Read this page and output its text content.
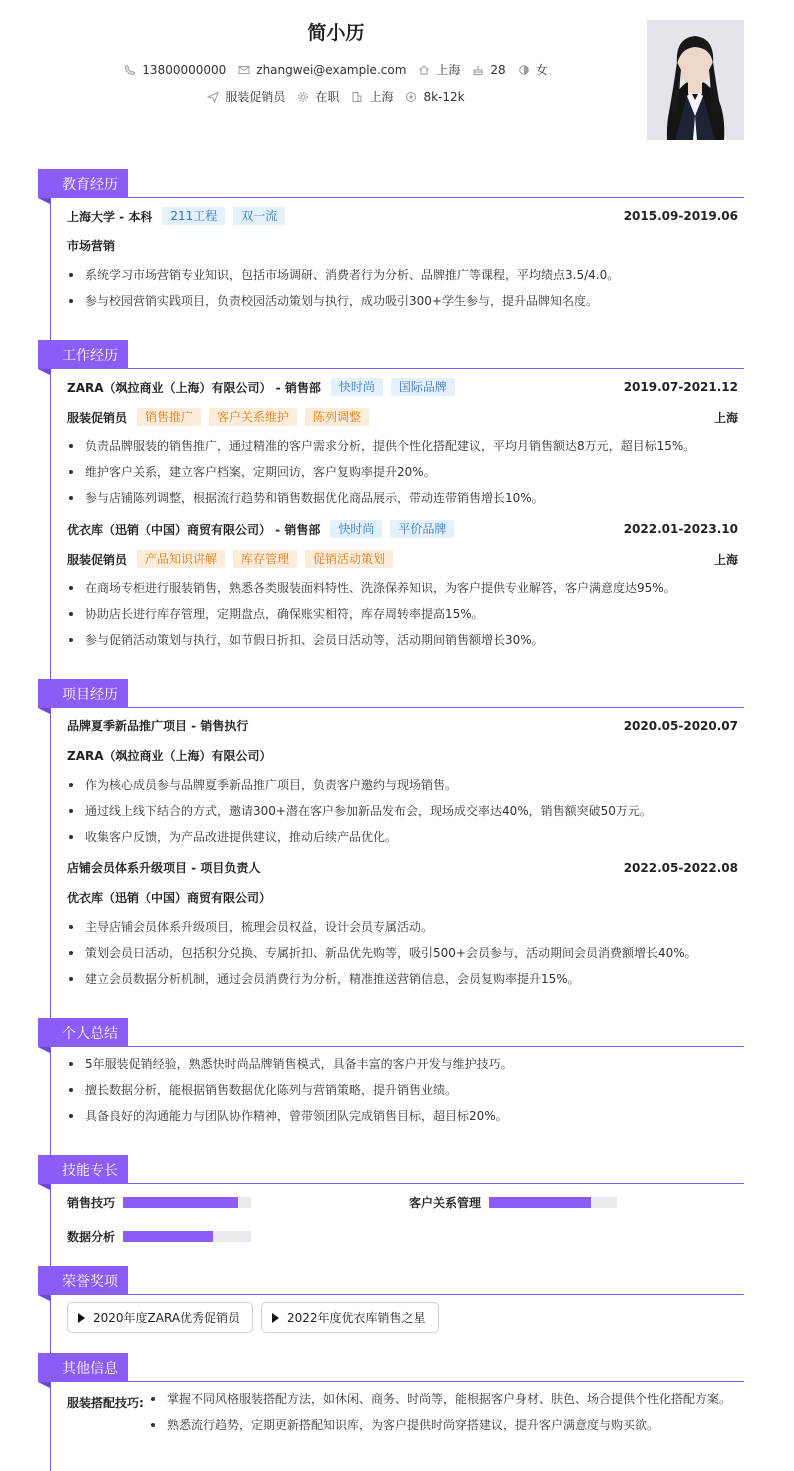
简小历
13800000000	zhangwei@example.com	上海	28	女
服装促销员	在职	上海	8k-12k
教育经历
上海大学 - 本科	211工程	双一流	2015.09-2019.06
市场营销
系统学习市场营销专业知识，包括市场调研、消费者行为分析、品牌推广等课程，平均绩点3.5/4.0。
参与校园营销实践项目，负责校园活动策划与执行，成功吸引300+学生参与，提升品牌知名度。
工作经历
ZARA（飒拉商业（上海）有限公司） - 销售部	快时尚	国际品牌	2019.07-2021.12
服装促销员	销售推广	客户关系维护	陈列调整	上海
负责品牌服装的销售推广，通过精准的客户需求分析，提供个性化搭配建议，平均月销售额达8万元，超目标15%。
维护客户关系，建立客户档案，定期回访，客户复购率提升20%。
参与店铺陈列调整，根据流行趋势和销售数据优化商品展示，带动连带销售增长10%。
优衣库（迅销（中国）商贸有限公司） - 销售部	快时尚	平价品牌	2022.01-2023.10
服装促销员	产品知识讲解	库存管理	促销活动策划	上海
在商场专柜进行服装销售，熟悉各类服装面料特性、洗涤保养知识，为客户提供专业解答，客户满意度达95%。
协助店长进行库存管理，定期盘点，确保账实相符，库存周转率提高15%。
参与促销活动策划与执行，如节假日折扣、会员日活动等，活动期间销售额增长30%。
项目经历
品牌夏季新品推广项目 - 销售执行	2020.05-2020.07
ZARA（飒拉商业（上海）有限公司）
作为核心成员参与品牌夏季新品推广项目，负责客户邀约与现场销售。
通过线上线下结合的方式，邀请300+潜在客户参加新品发布会，现场成交率达40%，销售额突破50万元。
收集客户反馈，为产品改进提供建议，推动后续产品优化。
店铺会员体系升级项目 - 项目负责人	2022.05-2022.08
优衣库（迅销（中国）商贸有限公司）
主导店铺会员体系升级项目，梳理会员权益，设计会员专属活动。
策划会员日活动，包括积分兑换、专属折扣、新品优先购等，吸引500+会员参与，活动期间会员消费额增长40%。
建立会员数据分析机制，通过会员消费行为分析，精准推送营销信息，会员复购率提升15%。
个人总结
5年服装促销经验，熟悉快时尚品牌销售模式，具备丰富的客户开发与维护技巧。
擅长数据分析，能根据销售数据优化陈列与营销策略，提升销售业绩。
具备良好的沟通能力与团队协作精神，曾带领团队完成销售目标，超目标20%。
技能专长
销售技巧	客户关系管理
数据分析
荣誉奖项
2020年度ZARA优秀促销员	2022年度优衣库销售之星
其他信息
服装搭配技巧:	掌握不同风格服装搭配方法，如休闲、商务、时尚等，能根据客户身材、肤色、场合提供个性化搭配方案。
熟悉流行趋势，定期更新搭配知识库，为客户提供时尚穿搭建议，提升客户满意度与购买欲。
